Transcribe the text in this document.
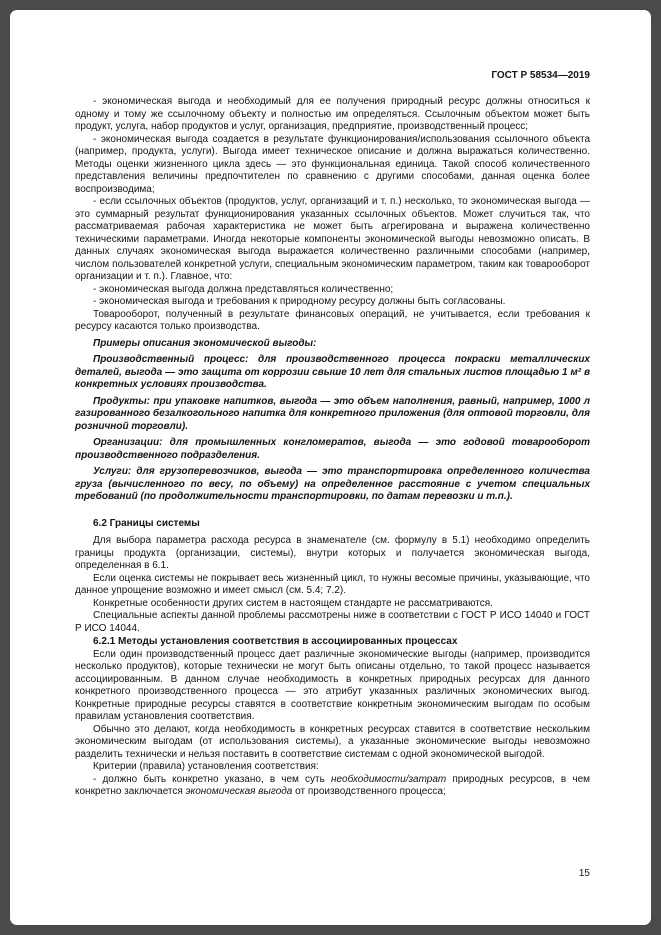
ГОСТ Р 58534—2019

- экономическая выгода и необходимый для ее получения природный ресурс должны относиться к одному и тому же ссылочному объекту и полностью им определяться. Ссылочным объектом может быть продукт, услуга, набор продуктов и услуг, организация, предприятие, производственный процесс;

- экономическая выгода создается в результате функционирования/использования ссылочного объекта (например, продукта, услуги). Выгода имеет техническое описание и должна выражаться количественно. Методы оценки жизненного цикла здесь — это функциональная единица. Такой способ количественного представления величины предпочтителен по сравнению с другими способами, данная оценка более воспроизводима;

- если ссылочных объектов (продуктов, услуг, организаций и т. п.) несколько, то экономическая выгода — это суммарный результат функционирования указанных ссылочных объектов. Может случиться так, что рассматриваемая рабочая характеристика не может быть агрегирована и выражена количественно техническими параметрами. Иногда некоторые компоненты экономической выгоды невозможно описать. В данных случаях экономическая выгода выражается количественно различными способами (например, числом пользователей конкретной услуги, специальным экономическим параметром, таким как товарооборот организации и т. п.). Главное, что:

- экономическая выгода должна представляться количественно;

- экономическая выгода и требования к природному ресурсу должны быть согласованы.

Товарооборот, полученный в результате финансовых операций, не учитывается, если требования к ресурсу касаются только производства.

Примеры описания экономической выгоды:

Производственный процесс: для производственного процесса покраски металлических деталей, выгода — это защита от коррозии свыше 10 лет для стальных листов площадью 1 м² в конкретных условиях производства.

Продукты: при упаковке напитков, выгода — это объем наполнения, равный, например, 1000 л газированного безалкогольного напитка для конкретного приложения (для оптовой торговли, для розничной торговли).

Организации: для промышленных конгломератов, выгода — это годовой товарооборот производственного подразделения.

Услуги: для грузоперевозчиков, выгода — это транспортировка определенного количества груза (вычисленного по весу, по объему) на определенное расстояние с учетом специальных требований (по продолжительности транспортировки, по датам перевозки и т.п.).

6.2 Границы системы

Для выбора параметра расхода ресурса в знаменателе (см. формулу в 5.1) необходимо определить границы продукта (организации, системы), внутри которых и получается экономическая выгода, определенная в 6.1.

Если оценка системы не покрывает весь жизненный цикл, то нужны весомые причины, указывающие, что данное упрощение возможно и имеет смысл (см. 5.4; 7.2).

Конкретные особенности других систем в настоящем стандарте не рассматриваются.

Специальные аспекты данной проблемы рассмотрены ниже в соответствии с ГОСТ Р ИСО 14040 и ГОСТ Р ИСО 14044.

6.2.1 Методы установления соответствия в ассоциированных процессах

Если один производственный процесс дает различные экономические выгоды (например, производится несколько продуктов), которые технически не могут быть описаны отдельно, то такой процесс называется ассоциированным. В данном случае необходимость в конкретных природных ресурсах для данного конкретного производственного процесса — это атрибут указанных различных экономических выгод. Конкретные природные ресурсы ставятся в соответствие конкретным экономическим выгодам по особым правилам установления соответствия.

Обычно это делают, когда необходимость в конкретных ресурсах ставится в соответствие нескольким экономическим выгодам (от использования системы), а указанные экономические выгоды невозможно разделить технически и нельзя поставить в соответствие системам с одной экономической выгодой.

Критерии (правила) установления соответствия:

- должно быть конкретно указано, в чем суть необходимости/затрат природных ресурсов, в чем конкретно заключается экономическая выгода от производственного процесса;

15
